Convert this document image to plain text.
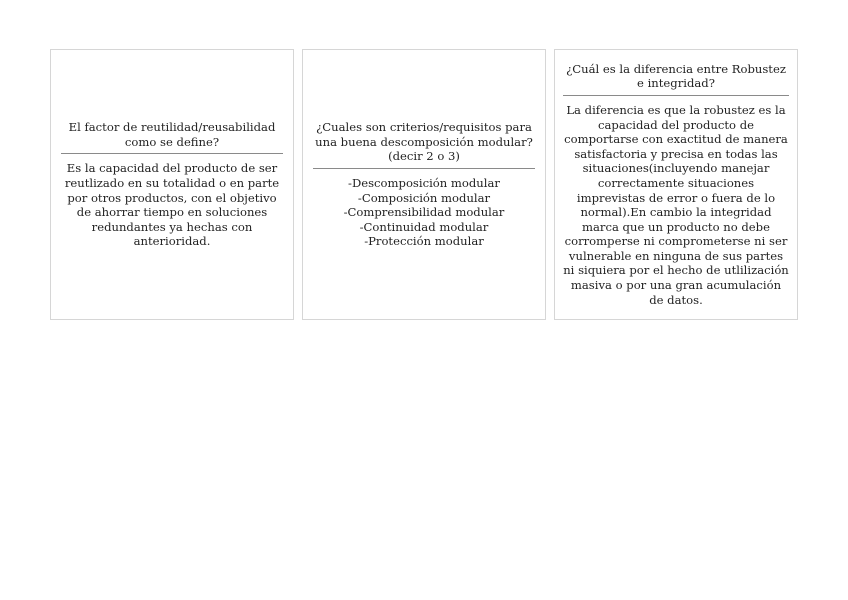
El factor de reutilidad/reusabilidad como se define?
Es la capacidad del producto de ser reutlizado en su totalidad o en parte por otros productos, con el objetivo de ahorrar tiempo en soluciones redundantes ya hechas con anterioridad.
¿Cuales son criterios/requisitos para una buena descomposición modular?(decir 2 o 3)
-Descomposición modular
-Composición modular
-Comprensibilidad modular
-Continuidad modular
-Protección modular
¿Cuál es la diferencia entre Robustez e integridad?
La diferencia es que la robustez es la capacidad del producto de comportarse con exactitud de manera satisfactoria y precisa en todas las situaciones(incluyendo manejar correctamente situaciones imprevistas de error o fuera de lo normal).En cambio la integridad marca que un producto no debe corromperse ni comprometerse ni ser vulnerable en ninguna de sus partes ni siquiera por el hecho de utlilización masiva o por una gran acumulación de datos.
